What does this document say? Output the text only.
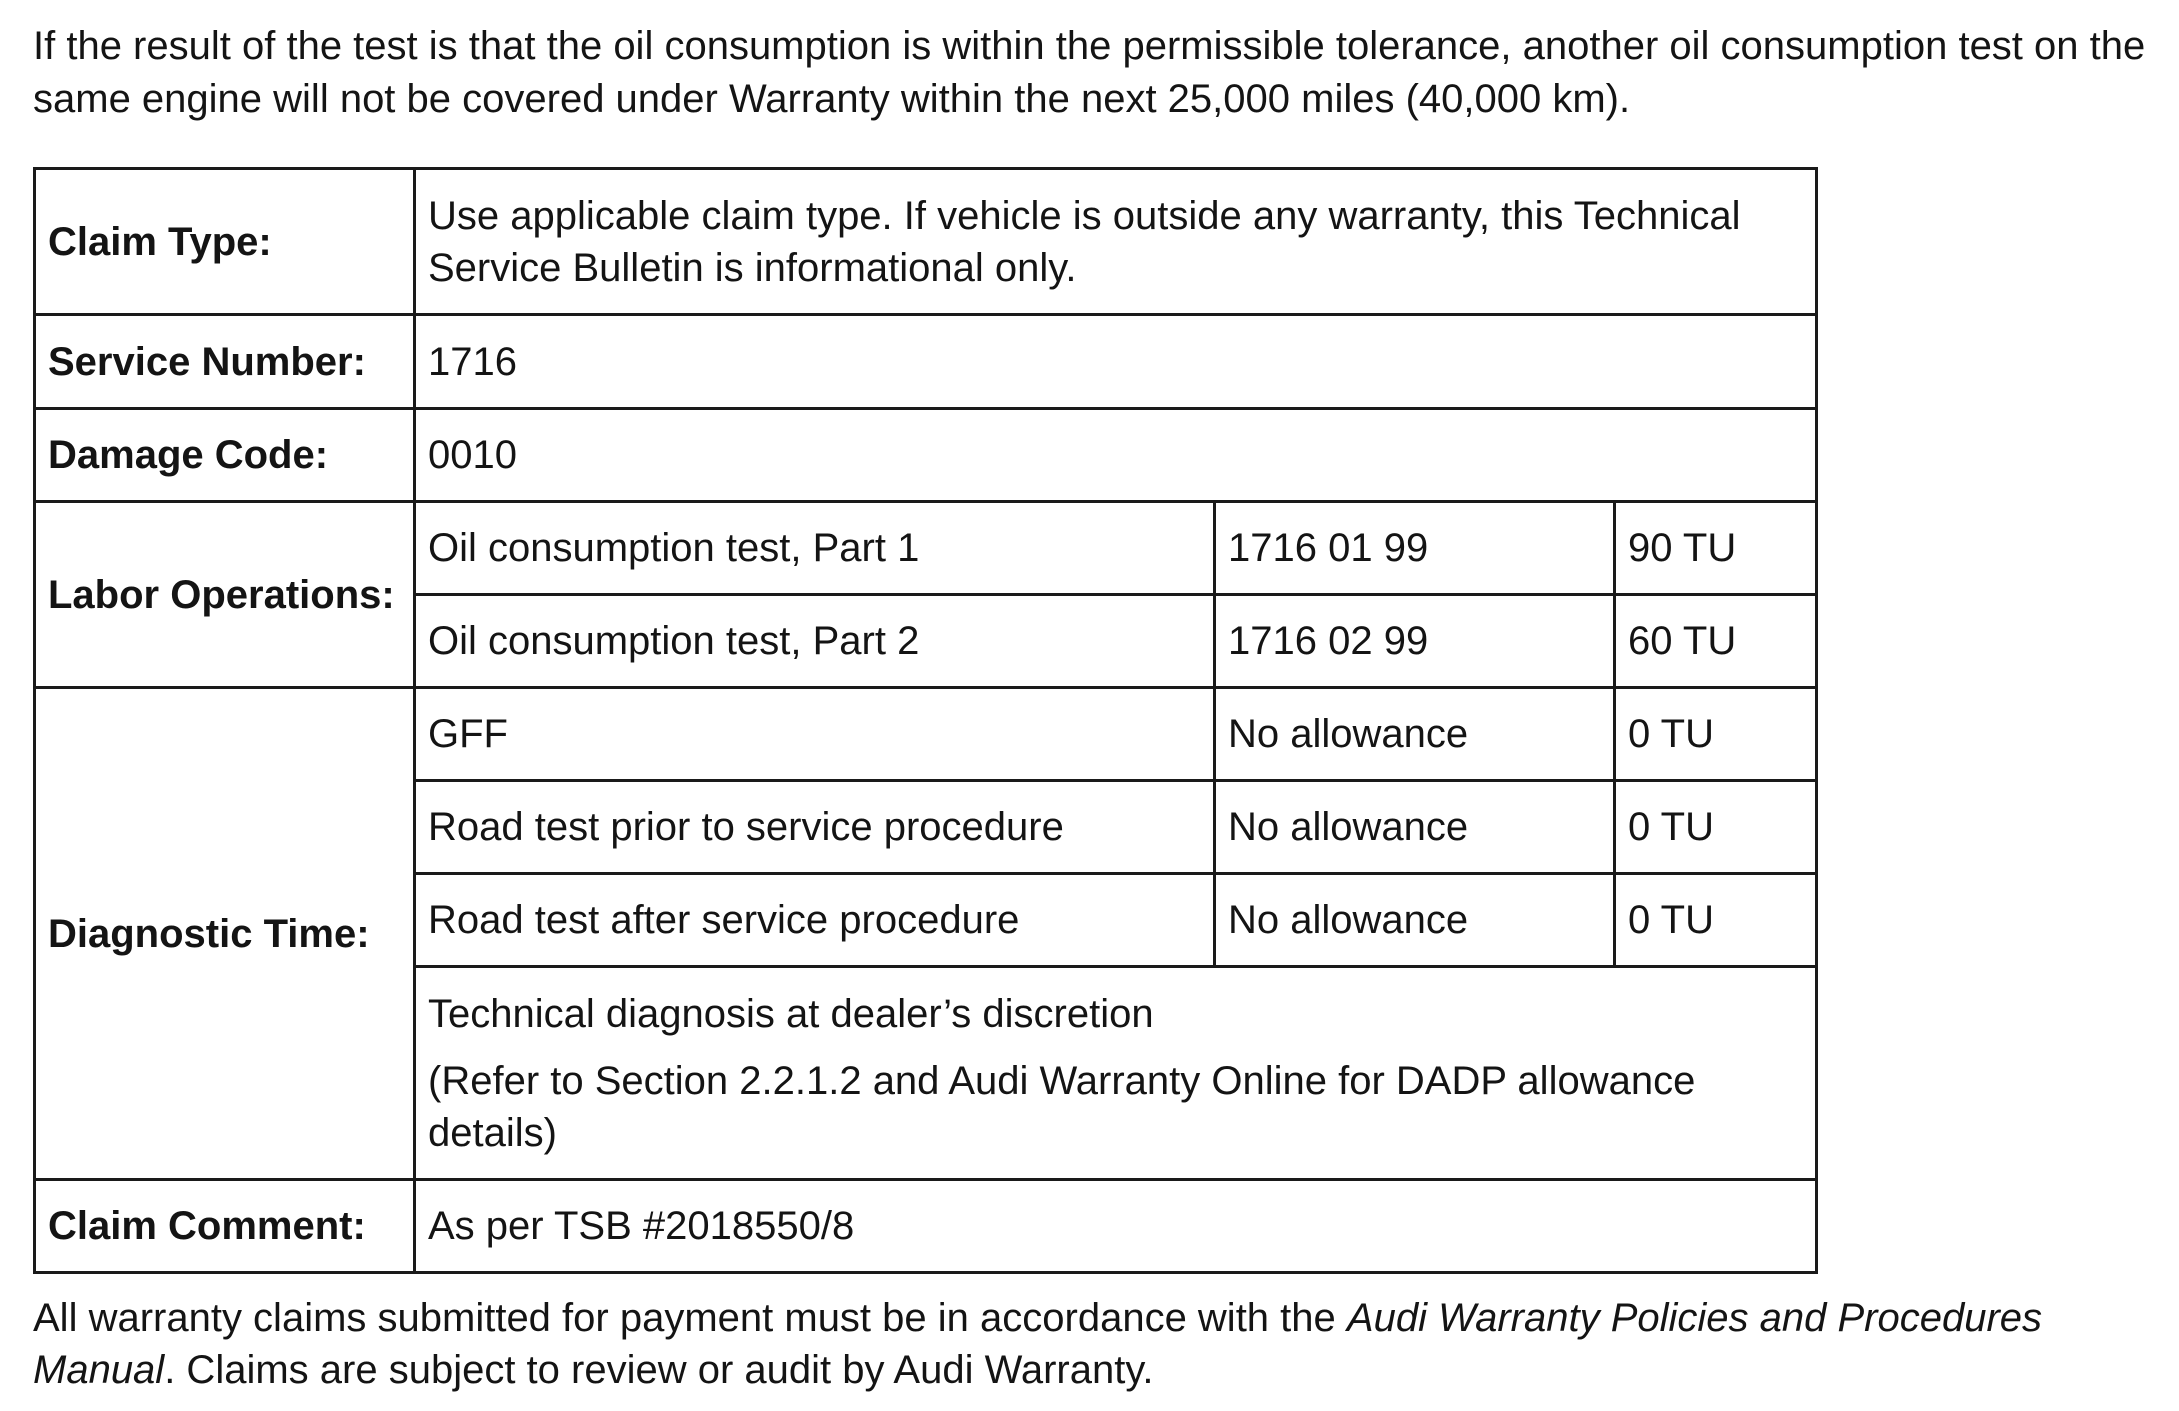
If the result of the test is that the oil consumption is within the permissible tolerance, another oil consumption test on the same engine will not be covered under Warranty within the next 25,000 miles (40,000 km).

Claim Type:	Use applicable claim type. If vehicle is outside any warranty, this Technical Service Bulletin is informational only.		
Service Number:	1716		
Damage Code:	0010		
Labor Operations:	Oil consumption test, Part 1	1716 01 99	90 TU
	Oil consumption test, Part 2	1716 02 99	60 TU
Diagnostic Time:	GFF	No allowance	0 TU
	Road test prior to service procedure	No allowance	0 TU
	Road test after service procedure	No allowance	0 TU

	Technical diagnosis at dealer’s discretion

(Refer to Section 2.2.1.2 and Audi Warranty Online for DADP allowance details)		

Claim Comment:	As per TSB #2018550/8		

All warranty claims submitted for payment must be in accordance with the Audi Warranty Policies and Procedures Manual. Claims are subject to review or audit by Audi Warranty.
